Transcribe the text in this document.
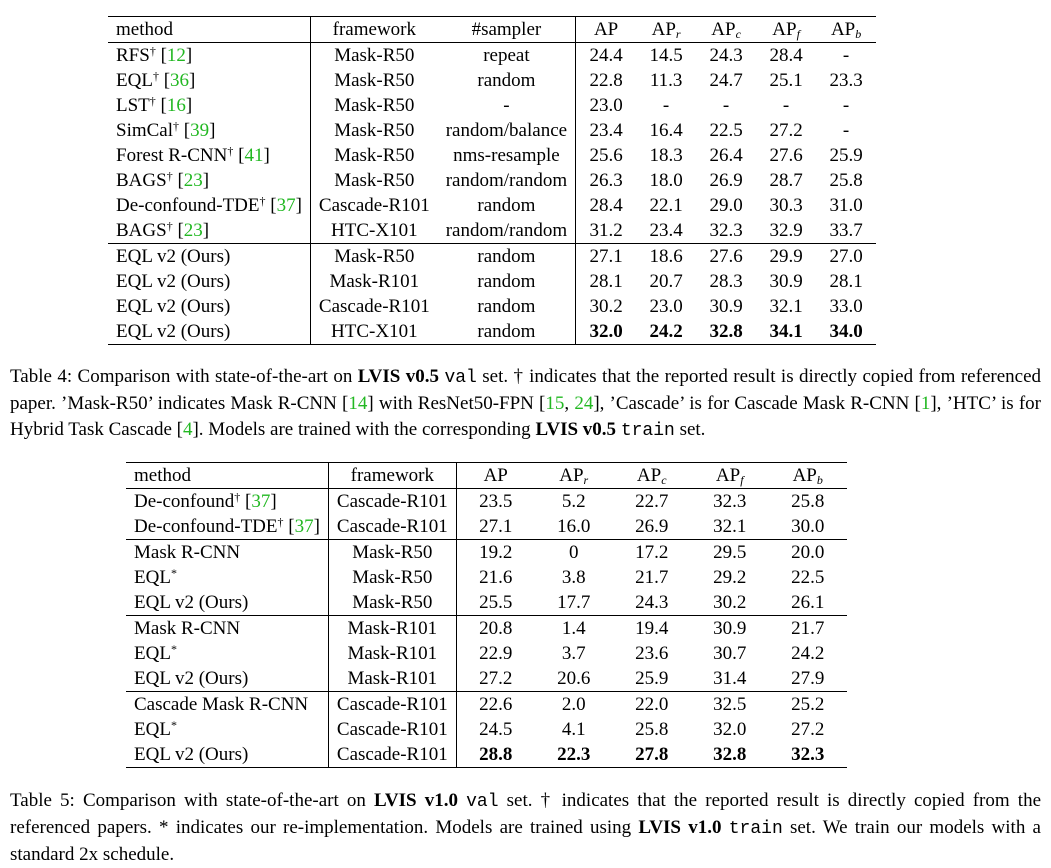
method	framework	#sampler	AP	$AP_r$	$AP_c$	$AP_f$	$AP_b$
RFS† [12]	Mask-R50	repeat	24.4	14.5	24.3	28.4	-
EQL† [36]	Mask-R50	random	22.8	11.3	24.7	25.1	23.3
LST† [16]	Mask-R50	-	23.0	-	-	-	-
SimCal† [39]	Mask-R50	random/balance	23.4	16.4	22.5	27.2	-
Forest R-CNN† [41]	Mask-R50	nms-resample	25.6	18.3	26.4	27.6	25.9
BAGS† [23]	Mask-R50	random/random	26.3	18.0	26.9	28.7	25.8
De-confound-TDE† [37]	Cascade-R101	random	28.4	22.1	29.0	30.3	31.0
BAGS† [23]	HTC-X101	random/random	31.2	23.4	32.3	32.9	33.7
EQL v2 (Ours)	Mask-R50	random	27.1	18.6	27.6	29.9	27.0
EQL v2 (Ours)	Mask-R101	random	28.1	20.7	28.3	30.9	28.1
EQL v2 (Ours)	Cascade-R101	random	30.2	23.0	30.9	32.1	33.0
EQL v2 (Ours)	HTC-X101	random	32.0	24.2	32.8	34.1	34.0
Table 4: Comparison with state-of-the-art on LVIS v0.5 val set. † indicates that the reported result is directly copied from referenced paper. ’Mask-R50’ indicates Mask R-CNN [14] with ResNet50-FPN [15, 24], ’Cascade’ is for Cascade Mask R-CNN [1], ’HTC’ is for Hybrid Task Cascade [4]. Models are trained with the corresponding LVIS v0.5 train set.
method	framework	AP	$AP_r$	$AP_c$	$AP_f$	$AP_b$
De-confound† [37]	Cascade-R101	23.5	5.2	22.7	32.3	25.8
De-confound-TDE† [37]	Cascade-R101	27.1	16.0	26.9	32.1	30.0
Mask R-CNN	Mask-R50	19.2	0	17.2	29.5	20.0
EQL*	Mask-R50	21.6	3.8	21.7	29.2	22.5
EQL v2 (Ours)	Mask-R50	25.5	17.7	24.3	30.2	26.1
Mask R-CNN	Mask-R101	20.8	1.4	19.4	30.9	21.7
EQL*	Mask-R101	22.9	3.7	23.6	30.7	24.2
EQL v2 (Ours)	Mask-R101	27.2	20.6	25.9	31.4	27.9
Cascade Mask R-CNN	Cascade-R101	22.6	2.0	22.0	32.5	25.2
EQL*	Cascade-R101	24.5	4.1	25.8	32.0	27.2
EQL v2 (Ours)	Cascade-R101	28.8	22.3	27.8	32.8	32.3
Table 5: Comparison with state-of-the-art on LVIS v1.0 val set. † indicates that the reported result is directly copied from the referenced papers. * indicates our re-implementation. Models are trained using LVIS v1.0 train set. We train our models with a standard 2x schedule.
